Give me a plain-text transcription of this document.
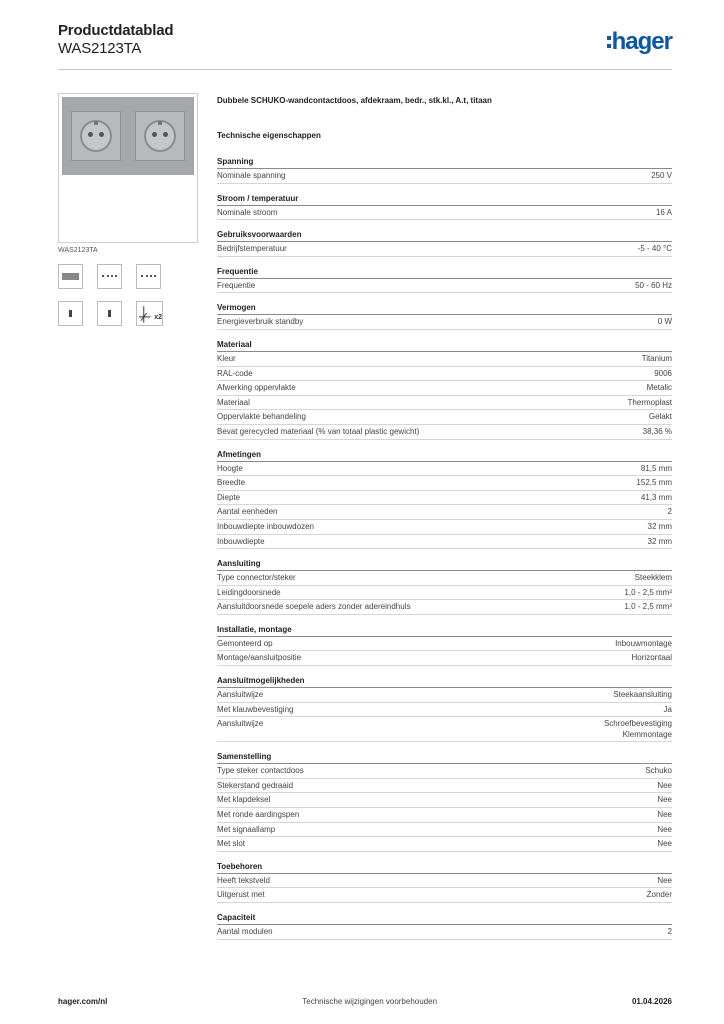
Productdatablad
WAS2123TA	hager
WAS2123TA
x2
Dubbele SCHUKO-wandcontactdoos, afdekraam, bedr., stk.kl., A.t, titaan
Technische eigenschappen
Spanning
Nominale spanning	250 V
Stroom / temperatuur
Nominale stroom	16 A
Gebruiksvoorwaarden
Bedrijfstemperatuur	-5 - 40 °C
Frequentie
Frequentie	50 - 60 Hz
Vermogen
Energieverbruik standby	0 W
Materiaal
Kleur	Titanium
RAL-code	9006
Afwerking oppervlakte	Metalic
Materiaal	Thermoplast
Oppervlakte behandeling	Gelakt
Bevat gerecycled materiaal (% van totaal plastic gewicht)	38,36 %
Afmetingen
Hoogte	81,5 mm
Breedte	152,5 mm
Diepte	41,3 mm
Aantal eenheden	2
Inbouwdiepte inbouwdozen	32 mm
Inbouwdiepte	32 mm
Aansluiting
Type connector/steker	Steekklem
Leidingdoorsnede	1,0 - 2,5 mm²
Aansluitdoorsnede soepele aders zonder adereindhuls	1,0 - 2,5 mm²
Installatie, montage
Gemonteerd op	Inbouwmontage
Montage/aansluitpositie	Horizontaal
Aansluitmogelijkheden
Aansluitwijze	Steekaansluiting
Met klauwbevestiging	Ja
Aansluitwijze	Schroefbevestiging
Klemmontage
Samenstelling
Type steker contactdoos	Schuko
Stekerstand gedraaid	Nee
Met klapdeksel	Nee
Met ronde aardingspen	Nee
Met signaallamp	Nee
Met slot	Nee
Toebehoren
Heeft tekstveld	Nee
Uitgerust met	Zonder
Capaciteit
Aantal modulen	2
hager.com/nl	Technische wijzigingen voorbehouden	01.04.2026
